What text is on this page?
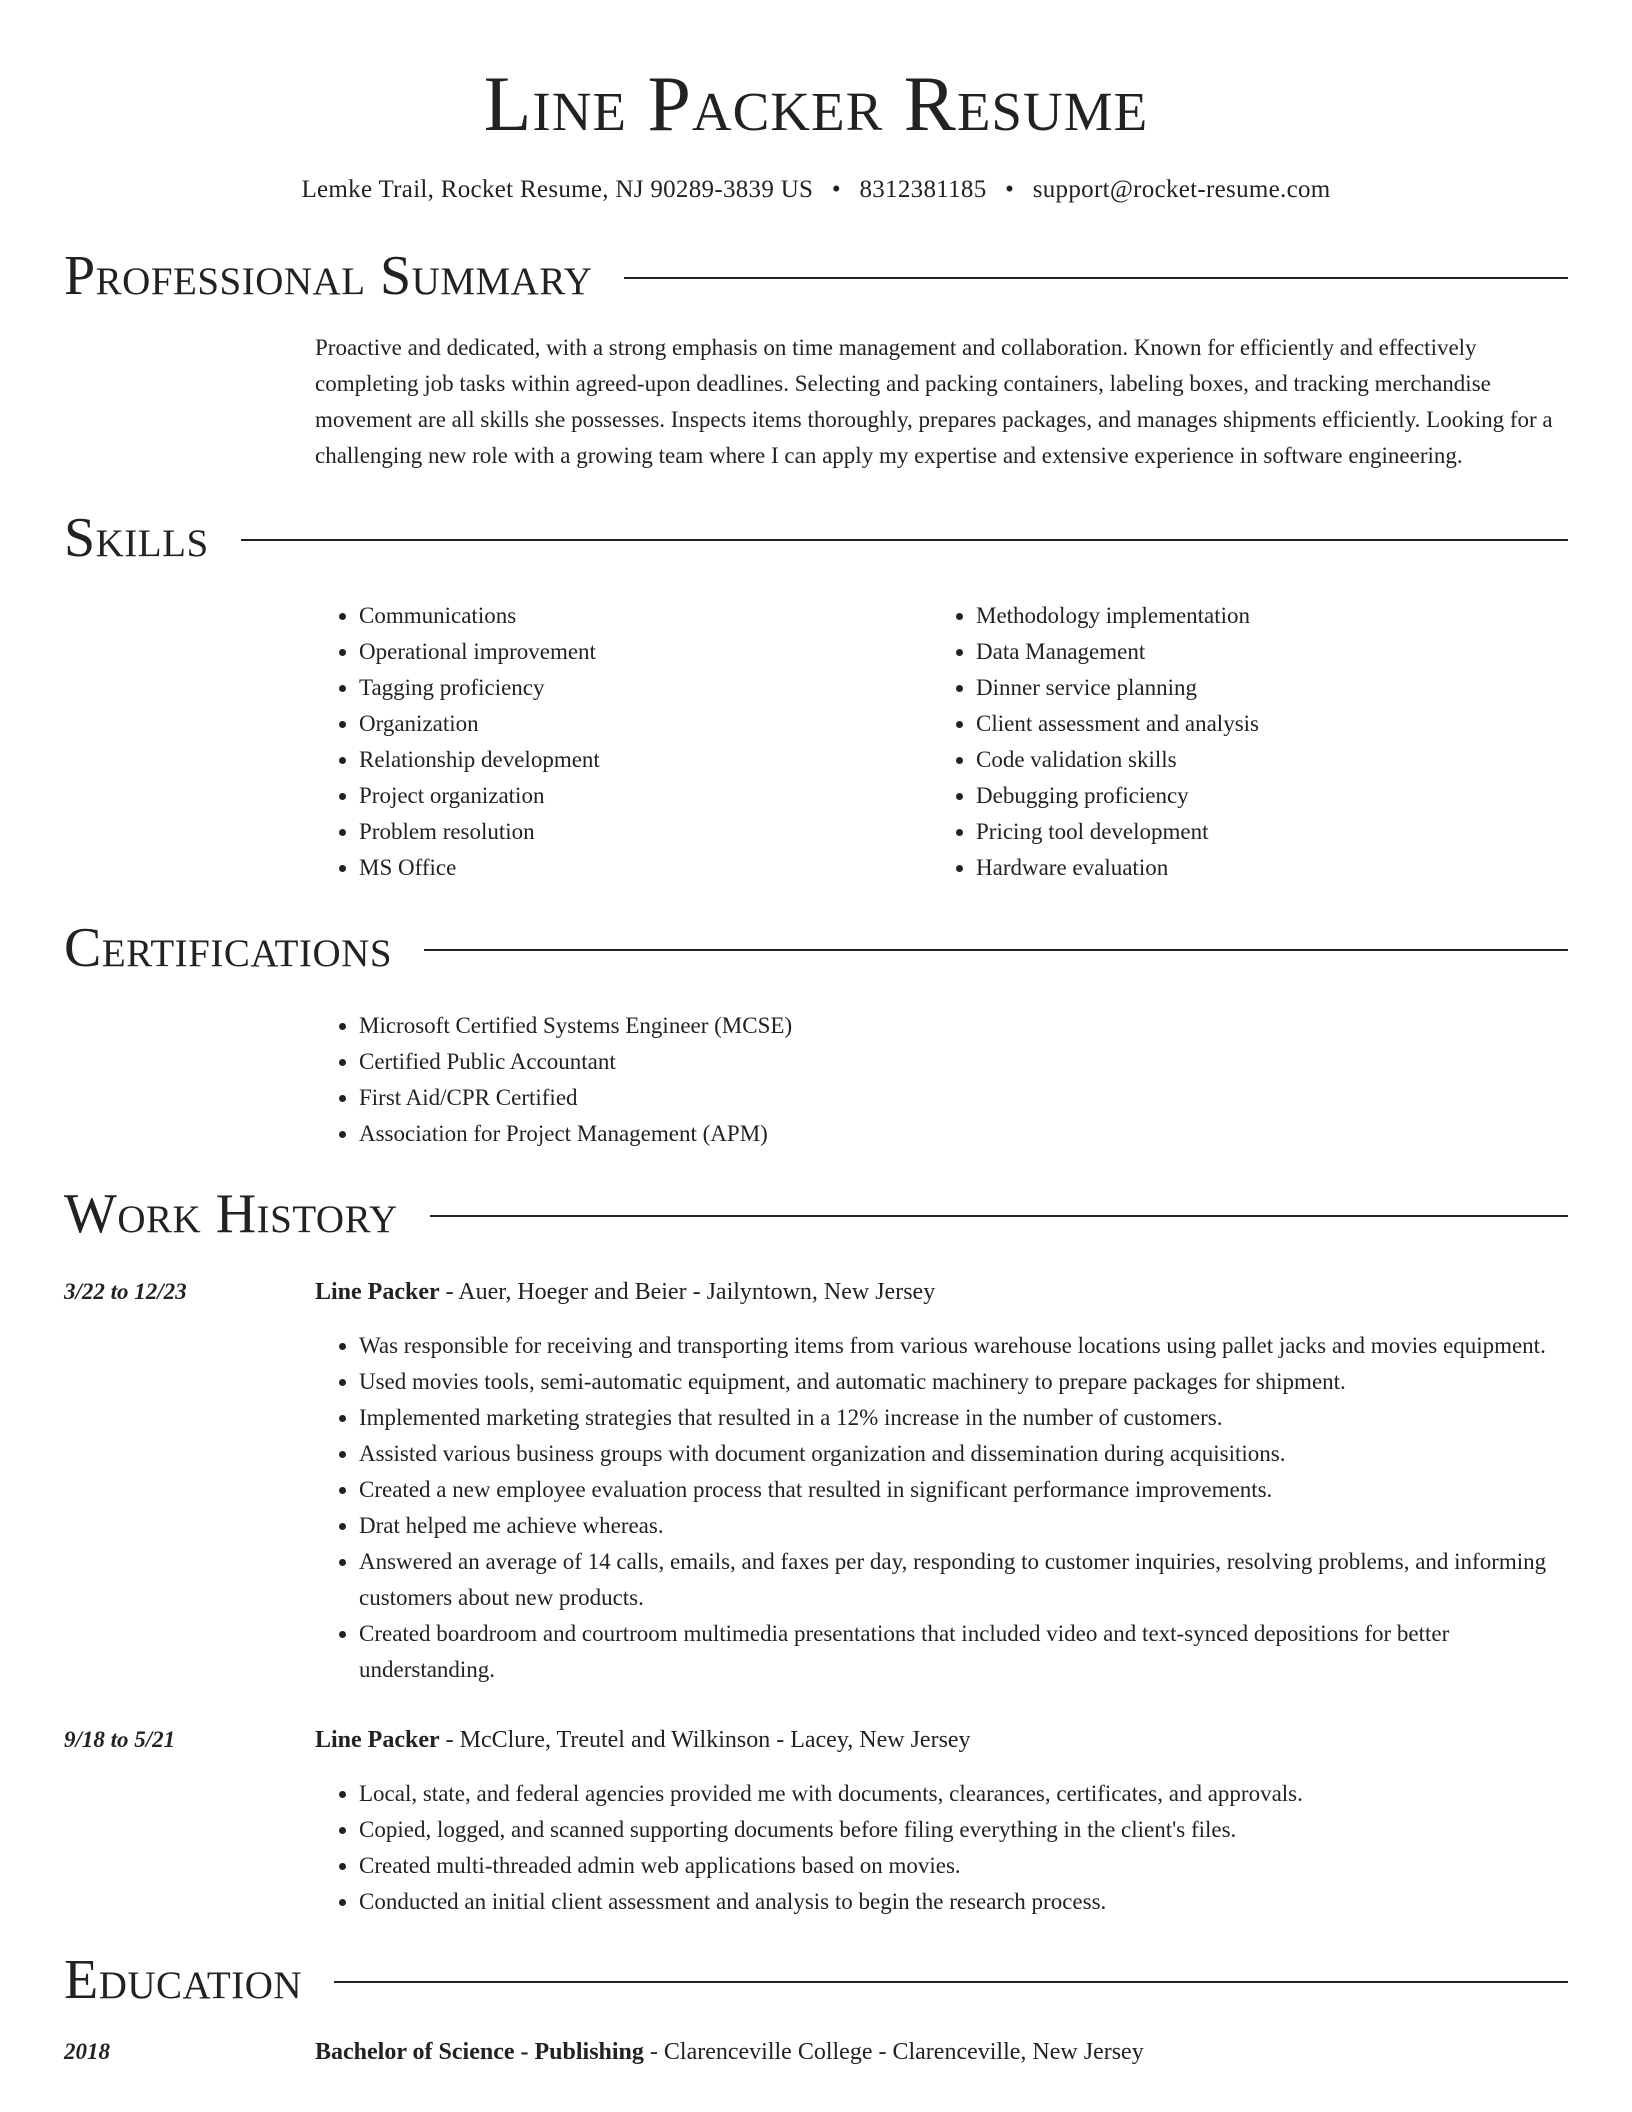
Line Packer Resume
Lemke Trail, Rocket Resume, NJ 90289-3839 US • 8312381185 • support@rocket-resume.com
Professional Summary
Proactive and dedicated, with a strong emphasis on time management and collaboration. Known for efficiently and effectively completing job tasks within agreed-upon deadlines. Selecting and packing containers, labeling boxes, and tracking merchandise movement are all skills she possesses. Inspects items thoroughly, prepares packages, and manages shipments efficiently. Looking for a challenging new role with a growing team where I can apply my expertise and extensive experience in software engineering.
Skills
• Communications
• Operational improvement
• Tagging proficiency
• Organization
• Relationship development
• Project organization
• Problem resolution
• MS Office
• Methodology implementation
• Data Management
• Dinner service planning
• Client assessment and analysis
• Code validation skills
• Debugging proficiency
• Pricing tool development
• Hardware evaluation
Certifications
• Microsoft Certified Systems Engineer (MCSE)
• Certified Public Accountant
• First Aid/CPR Certified
• Association for Project Management (APM)
Work History
3/22 to 12/23	Line Packer - Auer, Hoeger and Beier - Jailyntown, New Jersey
• Was responsible for receiving and transporting items from various warehouse locations using pallet jacks and movies equipment.
• Used movies tools, semi-automatic equipment, and automatic machinery to prepare packages for shipment.
• Implemented marketing strategies that resulted in a 12% increase in the number of customers.
• Assisted various business groups with document organization and dissemination during acquisitions.
• Created a new employee evaluation process that resulted in significant performance improvements.
• Drat helped me achieve whereas.
• Answered an average of 14 calls, emails, and faxes per day, responding to customer inquiries, resolving problems, and informing customers about new products.
• Created boardroom and courtroom multimedia presentations that included video and text-synced depositions for better understanding.
9/18 to 5/21	Line Packer - McClure, Treutel and Wilkinson - Lacey, New Jersey
• Local, state, and federal agencies provided me with documents, clearances, certificates, and approvals.
• Copied, logged, and scanned supporting documents before filing everything in the client's files.
• Created multi-threaded admin web applications based on movies.
• Conducted an initial client assessment and analysis to begin the research process.
Education
2018	Bachelor of Science - Publishing - Clarenceville College - Clarenceville, New Jersey
